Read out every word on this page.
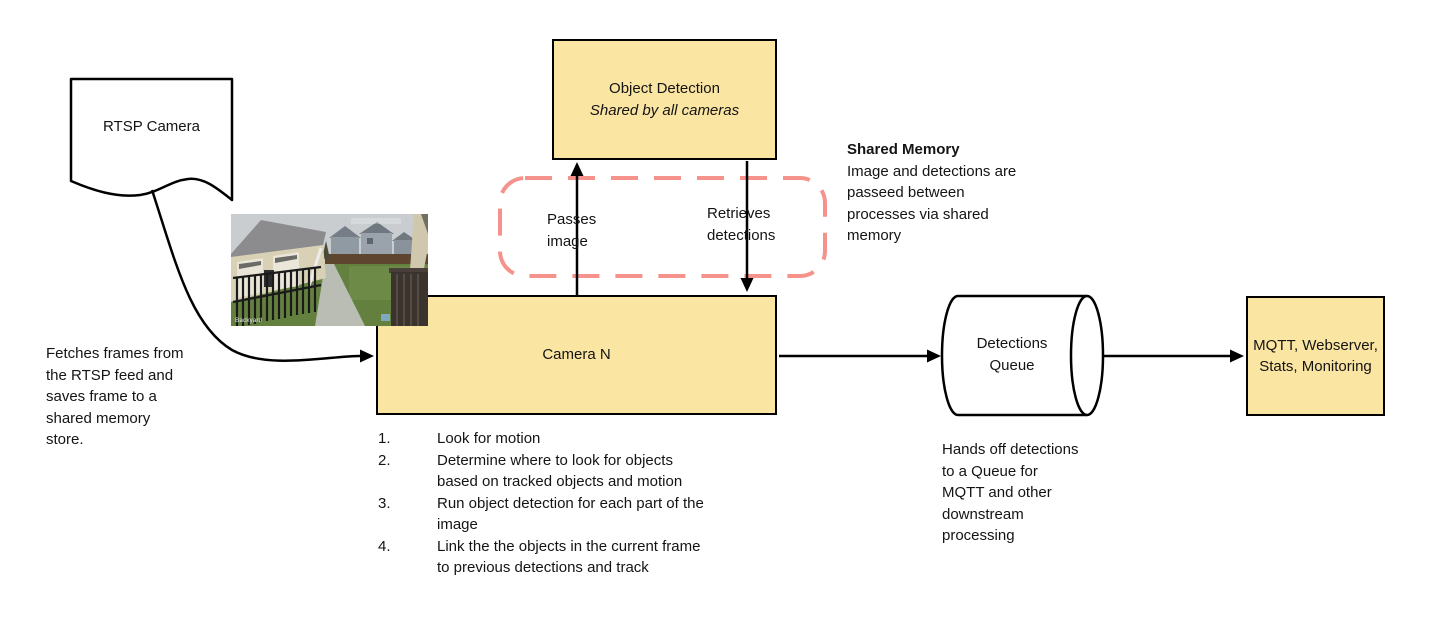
Object Detection
Shared by all cameras
Camera N
MQTT, Webserver,
Stats, Monitoring
Backyard
RTSP Camera
Fetches frames from
the RTSP feed and
saves frame to a
shared memory
store.
Passes
image
Retrieves
detections
Shared Memory
Image and detections are
passeed between
processes via shared
memory
Detections
Queue
Hands off detections
to a Queue for
MQTT and other
downstream
processing
1.	Look for motion
2.	Determine where to look for objects
based on tracked objects and motion
3.	Run object detection for each part of the
image
4.	Link the the objects in the current frame
to previous detections and track
